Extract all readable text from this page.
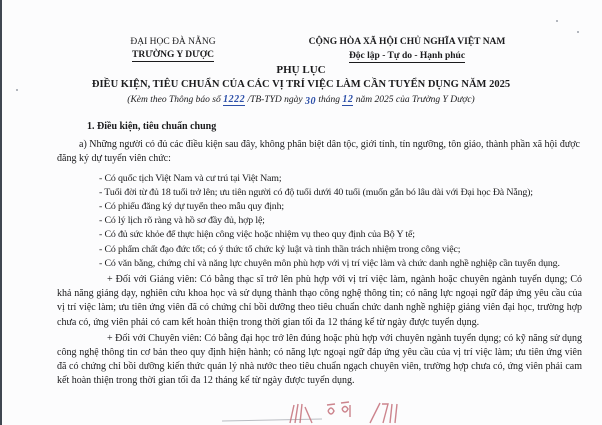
ĐẠI HỌC ĐÀ NẴNG
TRƯỜNG Y DƯỢC
CỘNG HÒA XÃ HỘI CHỦ NGHĨA VIỆT NAM
Độc lập - Tự do - Hạnh phúc
PHỤ LỤC
ĐIỀU KIỆN, TIÊU CHUẨN CỦA CÁC VỊ TRÍ VIỆC LÀM CẦN TUYỂN DỤNG NĂM 2025
(Kèm theo Thông báo số 1222 /TB-TYD ngày 30 tháng 12 năm 2025 của Trường Y Dược)
1. Điều kiện, tiêu chuẩn chung
a) Những người có đủ các điều kiện sau đây, không phân biệt dân tộc, giới tính, tín ngưỡng, tôn giáo, thành phần xã hội được đăng ký dự tuyển viên chức:
- Có quốc tịch Việt Nam và cư trú tại Việt Nam;
- Tuổi đời từ đủ 18 tuổi trở lên; ưu tiên người có độ tuổi dưới 40 tuổi (muốn gắn bó lâu dài với Đại học Đà Nẵng);
- Có phiếu đăng ký dự tuyển theo mẫu quy định;
- Có lý lịch rõ ràng và hồ sơ đầy đủ, hợp lệ;
- Có đủ sức khỏe để thực hiện công việc hoặc nhiệm vụ theo quy định của Bộ Y tế;
- Có phẩm chất đạo đức tốt; có ý thức tổ chức kỷ luật và tinh thần trách nhiệm trong công việc;
- Có văn bằng, chứng chỉ và năng lực chuyên môn phù hợp với vị trí việc làm và chức danh nghề nghiệp cần tuyển dụng.
+ Đối với Giảng viên: Có bằng thạc sĩ trở lên phù hợp với vị trí việc làm, ngành hoặc chuyên ngành tuyển dụng; Có khả năng giảng dạy, nghiên cứu khoa học và sử dụng thành thạo công nghệ thông tin; có năng lực ngoại ngữ đáp ứng yêu cầu của vị trí việc làm; ưu tiên ứng viên đã có chứng chỉ bồi dưỡng theo tiêu chuẩn chức danh nghề nghiệp giảng viên đại học, trường hợp chưa có, ứng viên phải có cam kết hoàn thiện trong thời gian tối đa 12 tháng kể từ ngày được tuyển dụng.
+ Đối với Chuyên viên: Có bằng đại học trở lên đúng hoặc phù hợp với chuyên ngành tuyển dụng; có kỹ năng sử dụng công nghệ thông tin cơ bản theo quy định hiện hành; có năng lực ngoại ngữ đáp ứng yêu cầu của vị trí việc làm; ưu tiên ứng viên đã có chứng chỉ bồi dưỡng kiến thức quản lý nhà nước theo tiêu chuẩn ngạch chuyên viên, trường hợp chưa có, ứng viên phải cam kết hoàn thiện trong thời gian tối đa 12 tháng kể từ ngày được tuyển dụng.
